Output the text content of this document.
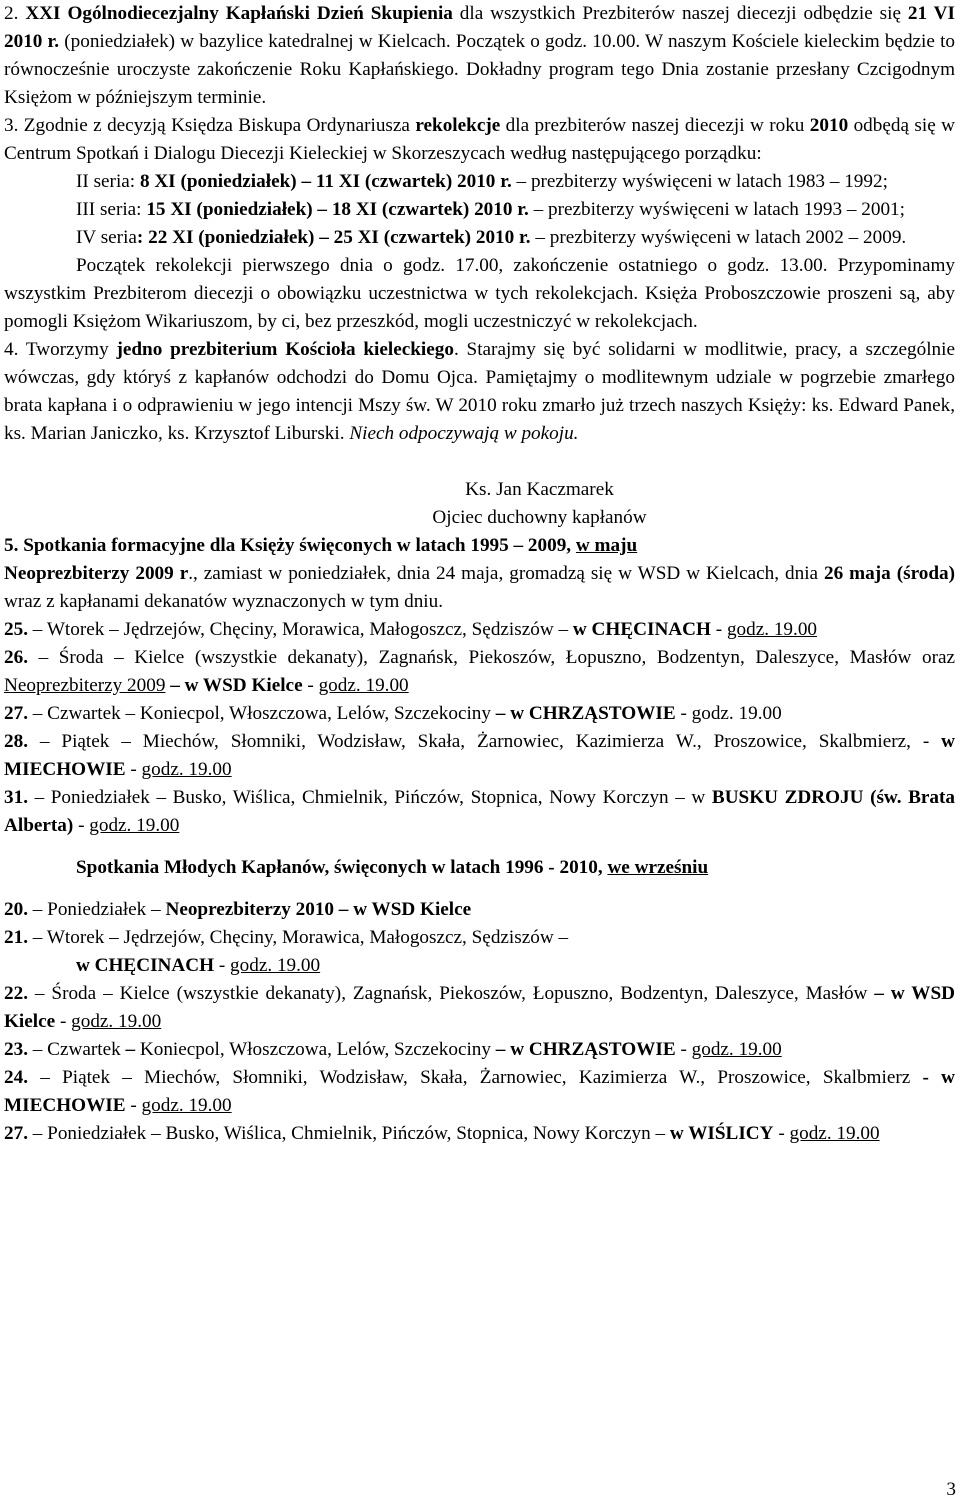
2. XXI Ogólnodiecezjalny Kapłański Dzień Skupienia dla wszystkich Prezbiterów naszej diecezji odbędzie się 21 VI 2010 r. (poniedziałek) w bazylice katedralnej w Kielcach. Początek o godz. 10.00. W naszym Kościele kieleckim będzie to równocześnie uroczyste zakończenie Roku Kapłańskiego. Dokładny program tego Dnia zostanie przesłany Czcigodnym Księżom w późniejszym terminie.

3. Zgodnie z decyzją Księdza Biskupa Ordynariusza rekolekcje dla prezbiterów naszej diecezji w roku 2010 odbędą się w Centrum Spotkań i Dialogu Diecezji Kieleckiej w Skorzeszycach według następującego porządku:

II seria: 8 XI (poniedziałek) – 11 XI (czwartek) 2010 r. – prezbiterzy wyświęceni w latach 1983 – 1992;

III seria: 15 XI (poniedziałek) – 18 XI (czwartek) 2010 r. – prezbiterzy wyświęceni w latach 1993 – 2001;

IV seria: 22 XI (poniedziałek) – 25 XI (czwartek) 2010 r. – prezbiterzy wyświęceni w latach 2002 – 2009.

Początek rekolekcji pierwszego dnia o godz. 17.00, zakończenie ostatniego o godz. 13.00. Przypominamy wszystkim Prezbiterom diecezji o obowiązku uczestnictwa w tych rekolekcjach. Księża Proboszczowie proszeni są, aby pomogli Księżom Wikariuszom, by ci, bez przeszkód, mogli uczestniczyć w rekolekcjach.

4. Tworzymy jedno prezbiterium Kościoła kieleckiego. Starajmy się być solidarni w modlitwie, pracy, a szczególnie wówczas, gdy któryś z kapłanów odchodzi do Domu Ojca. Pamiętajmy o modlitewnym udziale w pogrzebie zmarłego brata kapłana i o odprawieniu w jego intencji Mszy św. W 2010 roku zmarło już trzech naszych Księży: ks. Edward Panek, ks. Marian Janiczko, ks. Krzysztof Liburski. Niech odpoczywają w pokoju.

Ks. Jan Kaczmarek

Ojciec duchowny kapłanów

5. Spotkania formacyjne dla Księży święconych w latach 1995 – 2009, w maju

Neoprezbiterzy 2009 r., zamiast w poniedziałek, dnia 24 maja, gromadzą się w WSD w Kielcach, dnia 26 maja (środa) wraz z kapłanami dekanatów wyznaczonych w tym dniu.

25. – Wtorek – Jędrzejów, Chęciny, Morawica, Małogoszcz, Sędziszów – w CHĘCINACH - godz. 19.00

26. – Środa – Kielce (wszystkie dekanaty), Zagnańsk, Piekoszów, Łopuszno, Bodzentyn, Daleszyce, Masłów oraz Neoprezbiterzy 2009 – w WSD Kielce - godz. 19.00

27. – Czwartek – Koniecpol, Włoszczowa, Lelów, Szczekociny – w CHRZĄSTOWIE - godz. 19.00

28. – Piątek – Miechów, Słomniki, Wodzisław, Skała, Żarnowiec, Kazimierza W., Proszowice, Skalbmierz, - w MIECHOWIE - godz. 19.00

31. – Poniedziałek – Busko, Wiślica, Chmielnik, Pińczów, Stopnica, Nowy Korczyn – w BUSKU ZDROJU (św. Brata Alberta) - godz. 19.00

Spotkania Młodych Kapłanów, święconych w latach 1996 - 2010, we wrześniu

20. – Poniedziałek – Neoprezbiterzy 2010 – w WSD Kielce

21. – Wtorek – Jędrzejów, Chęciny, Morawica, Małogoszcz, Sędziszów –
w CHĘCINACH - godz. 19.00

22. – Środa – Kielce (wszystkie dekanaty), Zagnańsk, Piekoszów, Łopuszno, Bodzentyn, Daleszyce, Masłów – w WSD Kielce - godz. 19.00

23. – Czwartek – Koniecpol, Włoszczowa, Lelów, Szczekociny – w CHRZĄSTOWIE - godz. 19.00

24. – Piątek – Miechów, Słomniki, Wodzisław, Skała, Żarnowiec, Kazimierza W., Proszowice, Skalbmierz - w MIECHOWIE - godz. 19.00

27. – Poniedziałek – Busko, Wiślica, Chmielnik, Pińczów, Stopnica, Nowy Korczyn – w WIŚLICY - godz. 19.00

3
